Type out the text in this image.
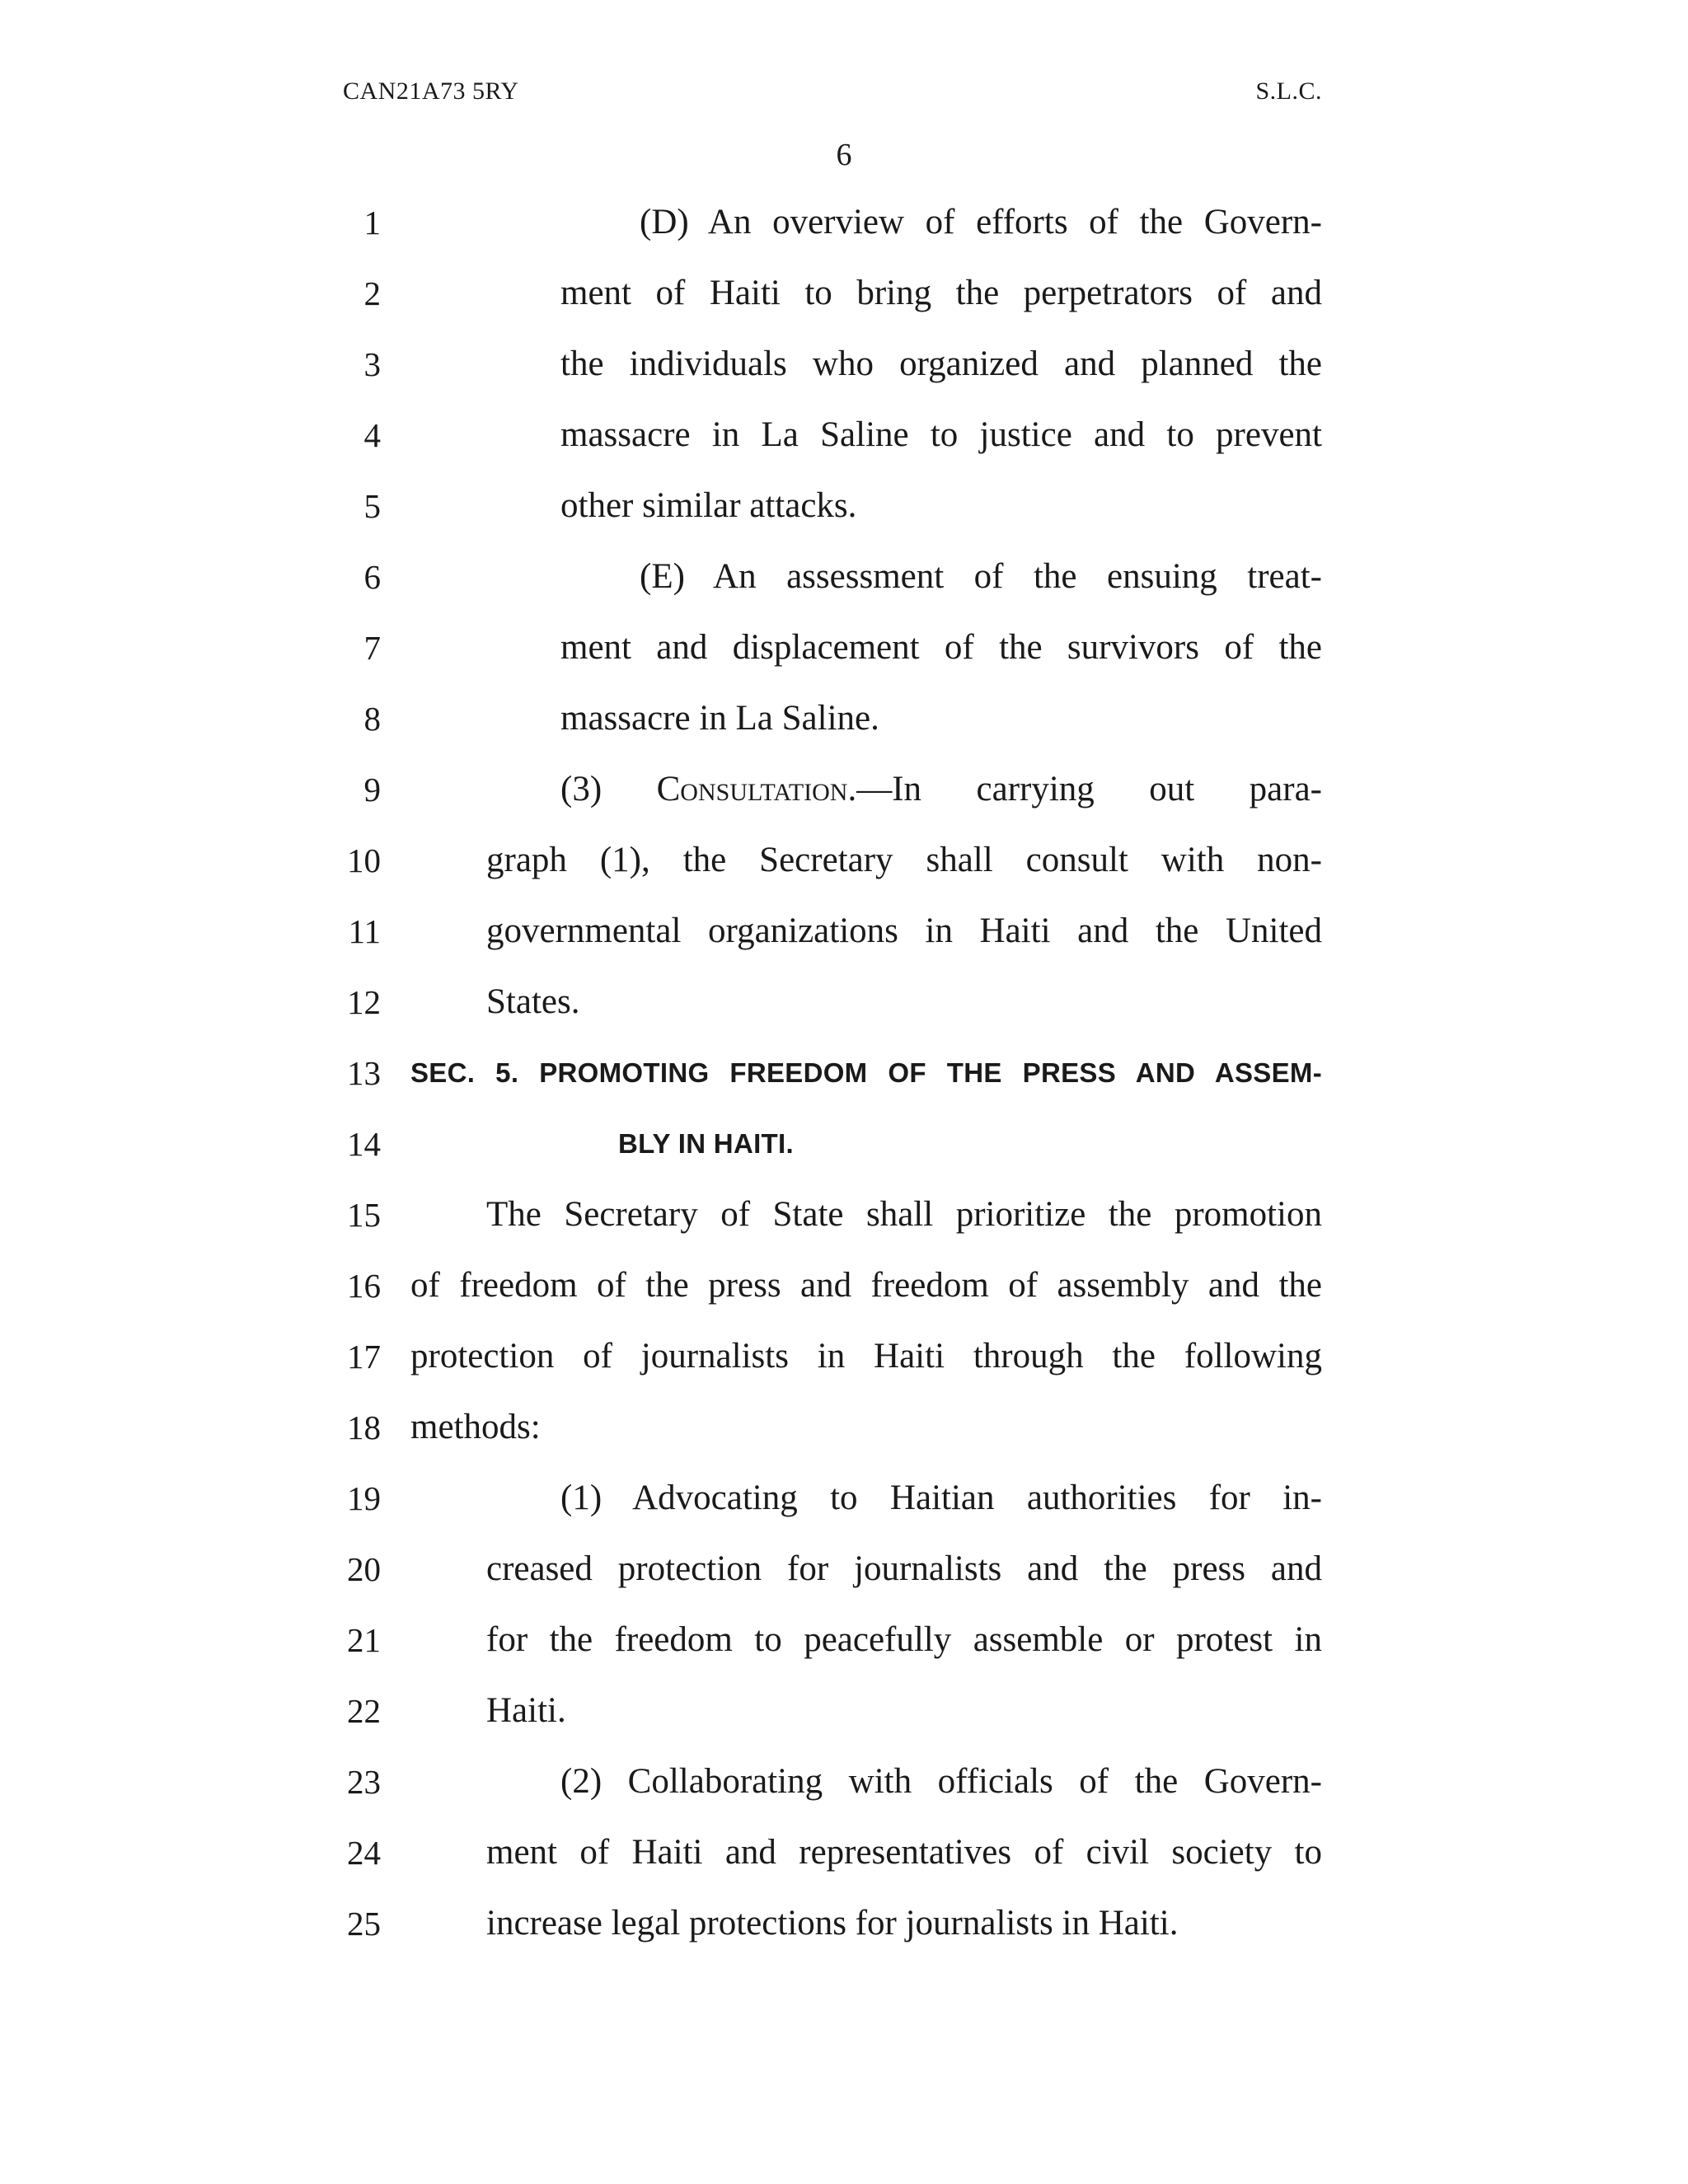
CAN21A73 5RY	S.L.C.
6
1	(D) An overview of efforts of the Govern-
2	ment of Haiti to bring the perpetrators of and
3	the individuals who organized and planned the
4	massacre in La Saline to justice and to prevent
5	other similar attacks.
6	(E) An assessment of the ensuing treat-
7	ment and displacement of the survivors of the
8	massacre in La Saline.
9	(3) Consultation.—In carrying out para-
10	graph (1), the Secretary shall consult with non-
11	governmental organizations in Haiti and the United
12	States.
13 SEC. 5. PROMOTING FREEDOM OF THE PRESS AND ASSEM-
14	BLY IN HAITI.
15	The Secretary of State shall prioritize the promotion
16 of freedom of the press and freedom of assembly and the
17 protection of journalists in Haiti through the following
18 methods:
19	(1) Advocating to Haitian authorities for in-
20	creased protection for journalists and the press and
21	for the freedom to peacefully assemble or protest in
22	Haiti.
23	(2) Collaborating with officials of the Govern-
24	ment of Haiti and representatives of civil society to
25	increase legal protections for journalists in Haiti.
